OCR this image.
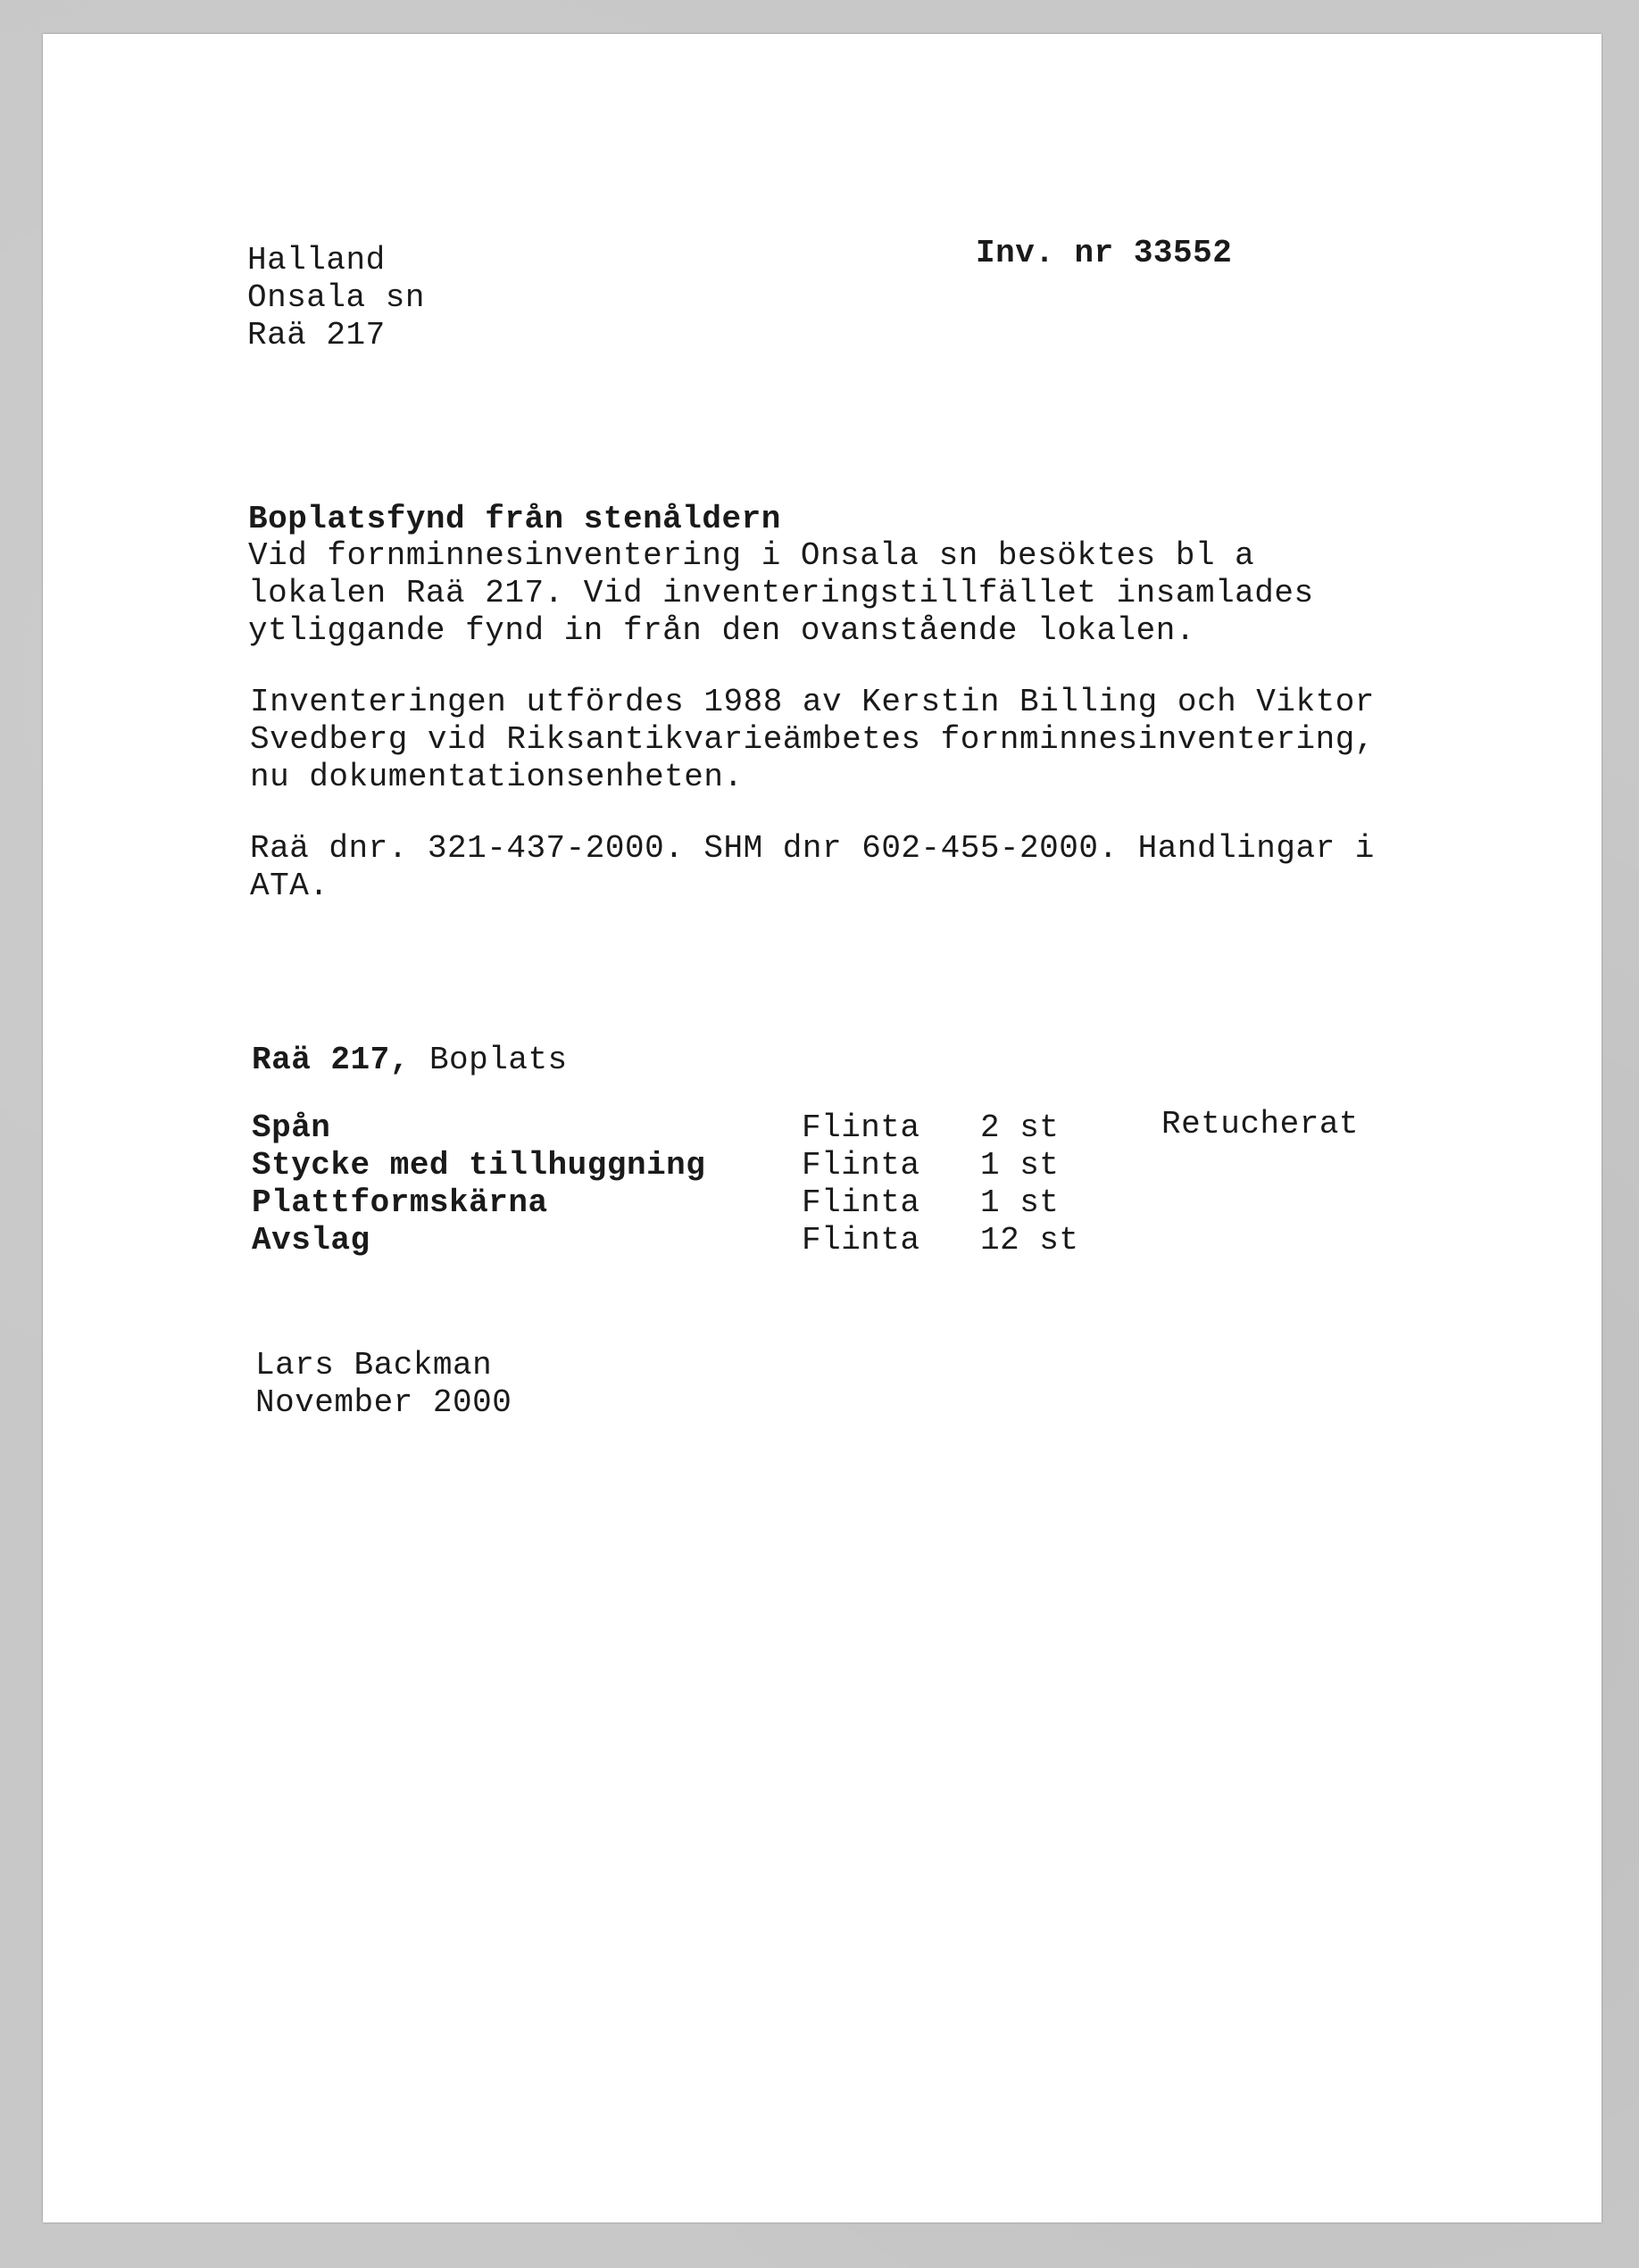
Halland
Onsala sn
Raä 217
Inv. nr 33552
Boplatsfynd från stenåldern
Vid fornminnesinventering i Onsala sn besöktes bl a
lokalen Raä 217. Vid inventeringstillfället insamlades
ytliggande fynd in från den ovanstående lokalen.
Inventeringen utfördes 1988 av Kerstin Billing och Viktor
Svedberg vid Riksantikvarieämbetes fornminnesinventering,
nu dokumentationsenheten.
Raä dnr. 321-437-2000. SHM dnr 602-455-2000. Handlingar i
ATA.
Raä 217, Boplats
Spån	Flinta 2 st	Retucherat
Stycke med tillhuggning	Flinta 1 st
Plattformskärna	Flinta 1 st
Avslag	Flinta 12 st
Lars Backman
November 2000
